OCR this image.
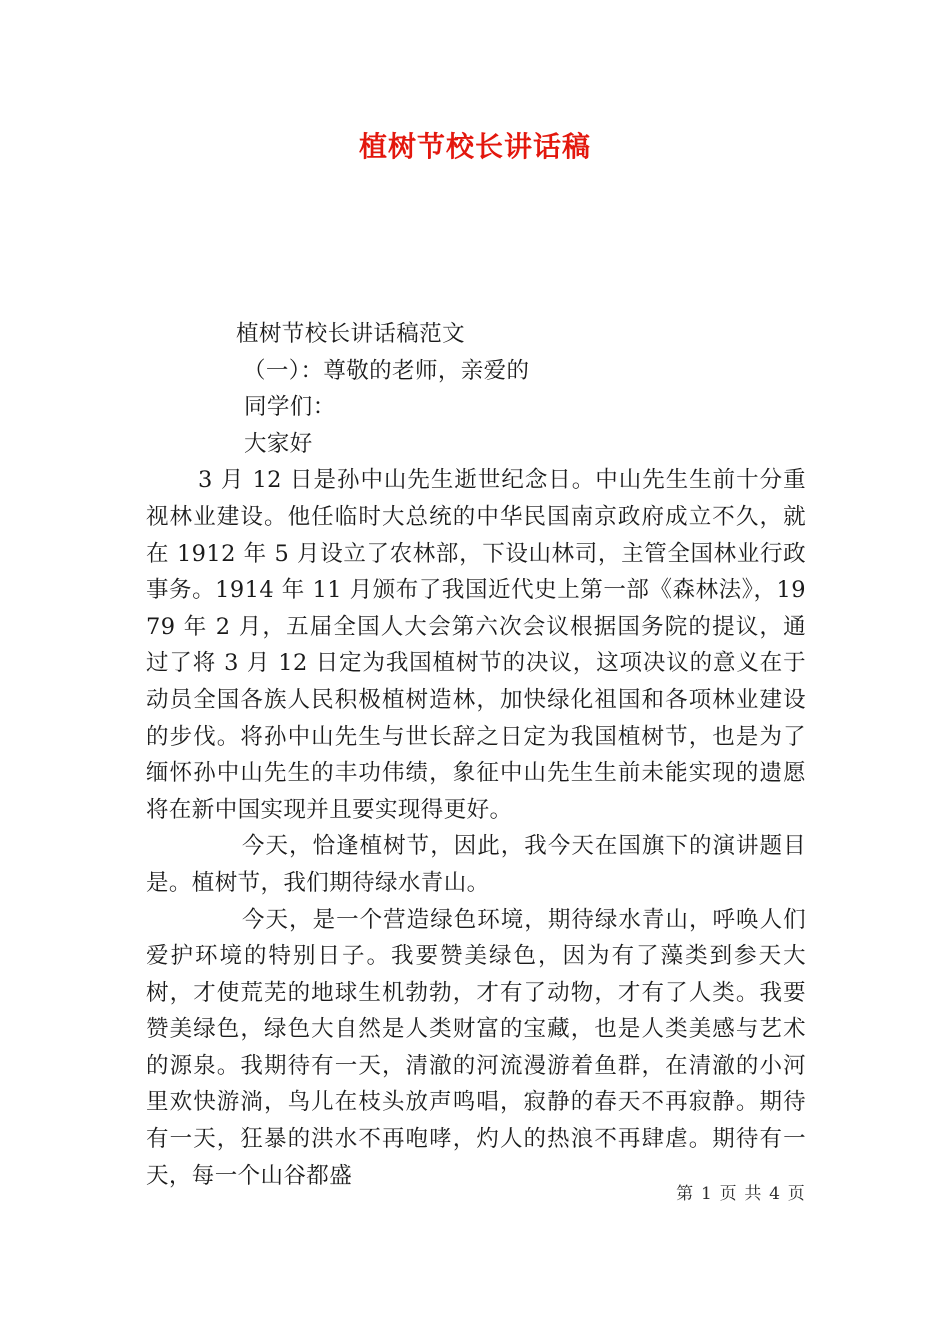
植树节校长讲话稿

植树节校长讲话稿范文

（一）：尊敬的老师，亲爱的

同学们：

大家好

3 月 12 日是孙中山先生逝世纪念日。中山先生生前十分重视林业建设。他任临时大总统的中华民国南京政府成立不久，就在 1912 年 5 月设立了农林部，下设山林司，主管全国林业行政事务。1914 年 11 月颁布了我国近代史上第一部《森林法》，1979 年 2 月，五届全国人大会第六次会议根据国务院的提议，通过了将 3 月 12 日定为我国植树节的决议，这项决议的意义在于动员全国各族人民积极植树造林，加快绿化祖国和各项林业建设的步伐。将孙中山先生与世长辞之日定为我国植树节，也是为了缅怀孙中山先生的丰功伟绩，象征中山先生生前未能实现的遗愿将在新中国实现并且要实现得更好。

今天，恰逢植树节，因此，我今天在国旗下的演讲题目是。植树节，我们期待绿水青山。

今天，是一个营造绿色环境，期待绿水青山，呼唤人们爱护环境的特别日子。我要赞美绿色，因为有了藻类到参天大树，才使荒芜的地球生机勃勃，才有了动物，才有了人类。我要赞美绿色，绿色大自然是人类财富的宝藏，也是人类美感与艺术的源泉。我期待有一天，清澈的河流漫游着鱼群，在清澈的小河里欢快游淌，鸟儿在枝头放声鸣唱，寂静的春天不再寂静。期待有一天，狂暴的洪水不再咆哮，灼人的热浪不再肆虐。期待有一天，每一个山谷都盛

第 1 页 共 4 页
